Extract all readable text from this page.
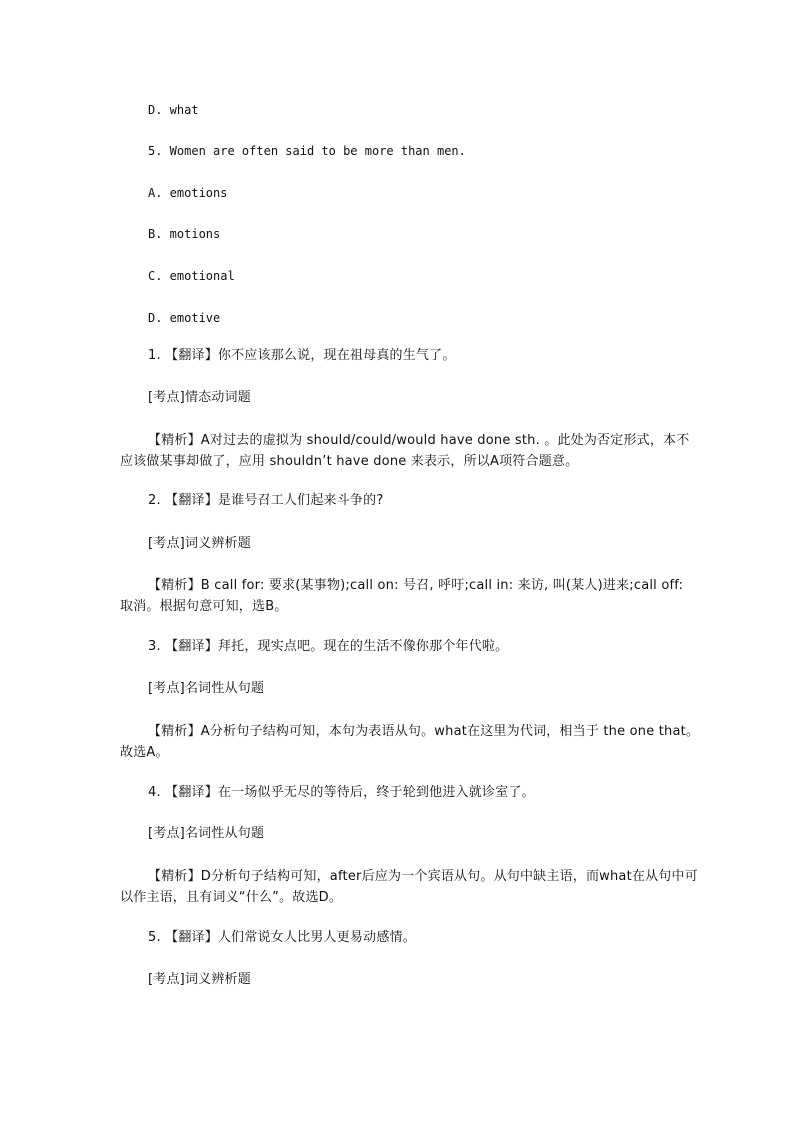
D. what
5. Women are often said to be more than men.
A. emotions
B. motions
C. emotional
D. emotive
1. 【翻译】你不应该那么说，现在祖母真的生气了。
[考点]情态动词题
【精析】A对过去的虚拟为 should/could/would have done sth. 。此处为否定形式，本不应该做某事却做了，应用 shouldn’t have done 来表示，所以A项符合题意。
2. 【翻译】是谁号召工人们起来斗争的?
[考点]词义辨析题
【精析】B call for: 要求(某事物);call on: 号召, 呼吁;call in: 来访, 叫(某人)进来;call off: 取消。根据句意可知，选B。
3. 【翻译】拜托，现实点吧。现在的生活不像你那个年代啦。
[考点]名词性从句题
【精析】A分析句子结构可知，本句为表语从句。what在这里为代词，相当于 the one that。故选A。
4. 【翻译】在一场似乎无尽的等待后，终于轮到他进入就诊室了。
[考点]名词性从句题
【精析】D分析句子结构可知，after后应为一个宾语从句。从句中缺主语，而what在从句中可以作主语，且有词义“什么”。故选D。
5. 【翻译】人们常说女人比男人更易动感情。
[考点]词义辨析题
